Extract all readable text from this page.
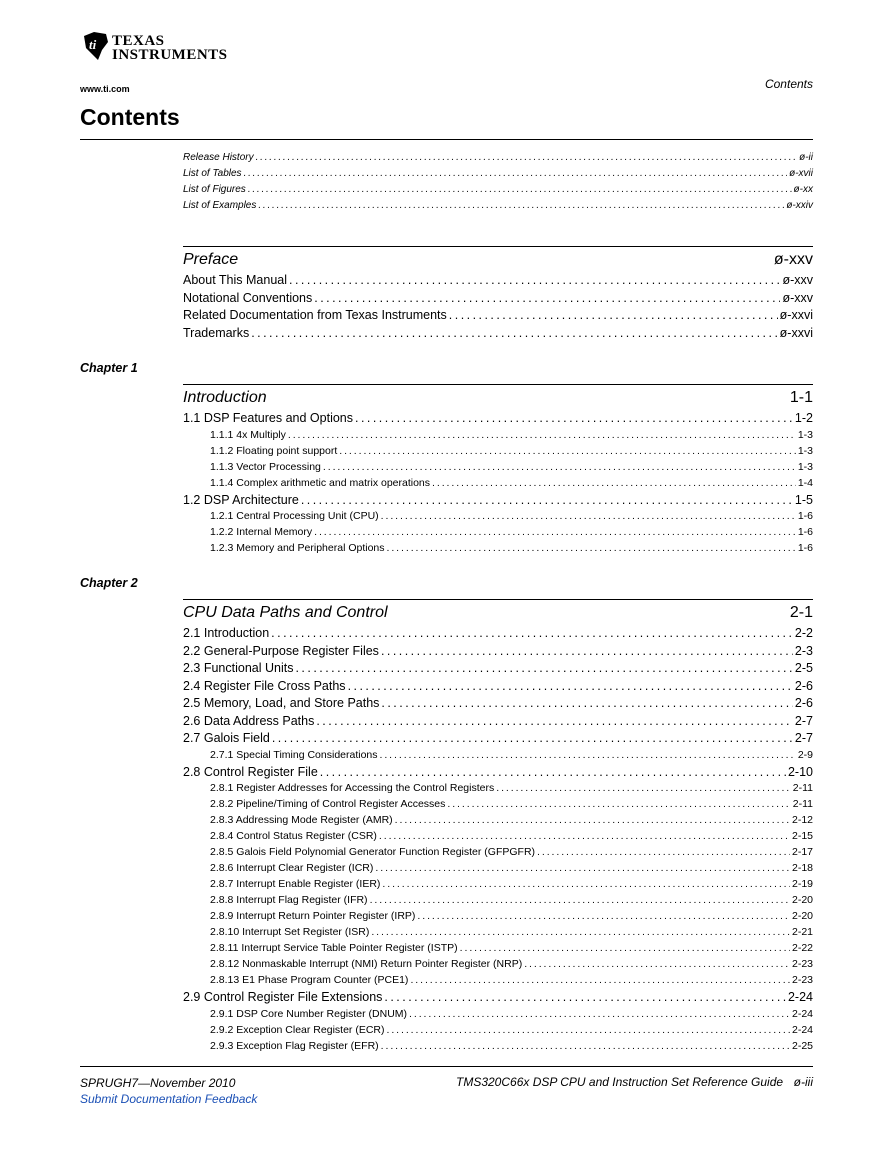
ti TEXAS
INSTRUMENTS
www.ti.com	Contents
Contents
Release History . . .	ø-ii
List of Tables . . .	ø-xvii
List of Figures . . .	ø-xx
List of Examples . . .	ø-xxiv
Preface	ø-xxv
About This Manual . . .	ø-xxv
Notational Conventions . . .	ø-xxv
Related Documentation from Texas Instruments . . .	ø-xxvi
Trademarks . . .	ø-xxvi
Chapter 1
Introduction	1-1
1.1 DSP Features and Options . . .	1-2
1.1.1 4x Multiply . . .	1-3
1.1.2 Floating point support . . .	1-3
1.1.3 Vector Processing . . .	1-3
1.1.4 Complex arithmetic and matrix operations . . .	1-4
1.2 DSP Architecture . . .	1-5
1.2.1 Central Processing Unit (CPU) . . .	1-6
1.2.2 Internal Memory . . .	1-6
1.2.3 Memory and Peripheral Options . . .	1-6
Chapter 2
CPU Data Paths and Control	2-1
2.1 Introduction . . .	2-2
2.2 General-Purpose Register Files . . .	2-3
2.3 Functional Units . . .	2-5
2.4 Register File Cross Paths . . .	2-6
2.5 Memory, Load, and Store Paths . . .	2-6
2.6 Data Address Paths . . .	2-7
2.7 Galois Field . . .	2-7
2.7.1 Special Timing Considerations . . .	2-9
2.8 Control Register File . . .	2-10
2.8.1 Register Addresses for Accessing the Control Registers . . .	2-11
2.8.2 Pipeline/Timing of Control Register Accesses . . .	2-11
2.8.3 Addressing Mode Register (AMR) . . .	2-12
2.8.4 Control Status Register (CSR) . . .	2-15
2.8.5 Galois Field Polynomial Generator Function Register (GFPGFR) . . .	2-17
2.8.6 Interrupt Clear Register (ICR) . . .	2-18
2.8.7 Interrupt Enable Register (IER) . . .	2-19
2.8.8 Interrupt Flag Register (IFR) . . .	2-20
2.8.9 Interrupt Return Pointer Register (IRP) . . .	2-20
2.8.10 Interrupt Set Register (ISR) . . .	2-21
2.8.11 Interrupt Service Table Pointer Register (ISTP) . . .	2-22
2.8.12 Nonmaskable Interrupt (NMI) Return Pointer Register (NRP) . . .	2-23
2.8.13 E1 Phase Program Counter (PCE1) . . .	2-23
2.9 Control Register File Extensions . . .	2-24
2.9.1 DSP Core Number Register (DNUM) . . .	2-24
2.9.2 Exception Clear Register (ECR) . . .	2-24
2.9.3 Exception Flag Register (EFR) . . .	2-25
SPRUGH7—November 2010
Submit Documentation Feedback
TMS320C66x DSP CPU and Instruction Set Reference Guide ø-iii
